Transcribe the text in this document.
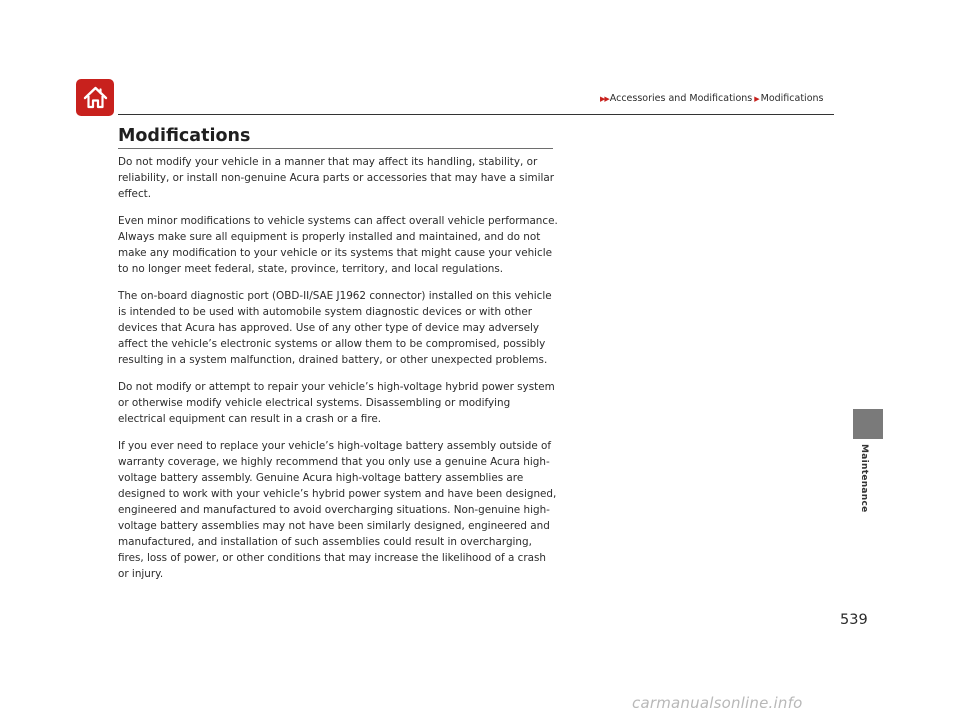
▶▶ Accessories and Modifications ▶ Modifications
Modifications

Do not modify your vehicle in a manner that may affect its handling, stability, or reliability, or install non-genuine Acura parts or accessories that may have a similar effect.

Even minor modifications to vehicle systems can affect overall vehicle performance. Always make sure all equipment is properly installed and maintained, and do not make any modification to your vehicle or its systems that might cause your vehicle to no longer meet federal, state, province, territory, and local regulations.

The on-board diagnostic port (OBD-II/SAE J1962 connector) installed on this vehicle is intended to be used with automobile system diagnostic devices or with other devices that Acura has approved. Use of any other type of device may adversely affect the vehicle’s electronic systems or allow them to be compromised, possibly resulting in a system malfunction, drained battery, or other unexpected problems.

Do not modify or attempt to repair your vehicle’s high-voltage hybrid power system or otherwise modify vehicle electrical systems. Disassembling or modifying electrical equipment can result in a crash or a fire.

If you ever need to replace your vehicle’s high-voltage battery assembly outside of warranty coverage, we highly recommend that you only use a genuine Acura high-voltage battery assembly. Genuine Acura high-voltage battery assemblies are designed to work with your vehicle’s hybrid power system and have been designed, engineered and manufactured to avoid overcharging situations. Non-genuine high-voltage battery assemblies may not have been similarly designed, engineered and manufactured, and installation of such assemblies could result in overcharging, fires, loss of power, or other conditions that may increase the likelihood of a crash or injury.

Maintenance
539
carmanualsonline.info
